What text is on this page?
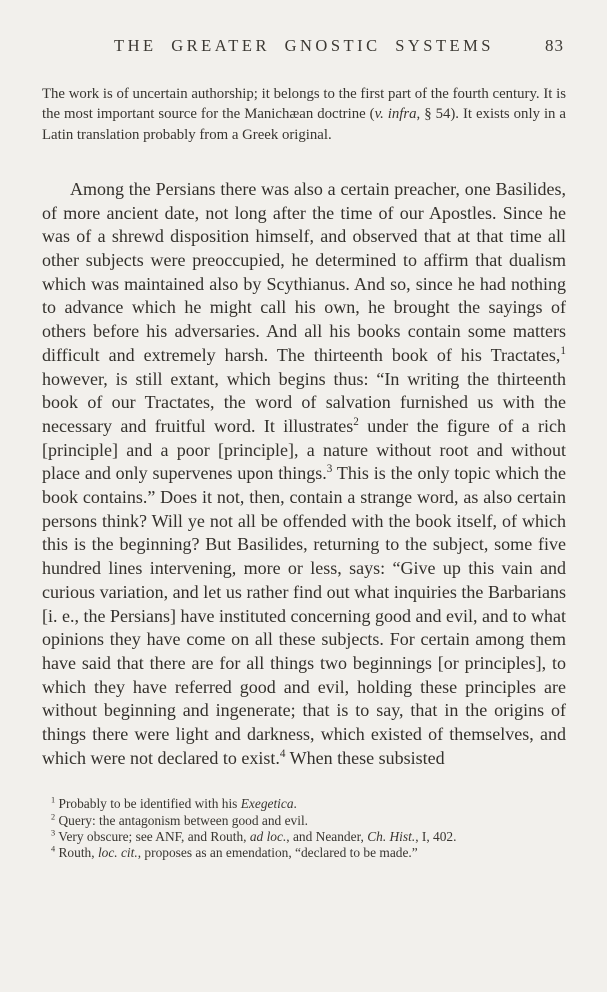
THE GREATER GNOSTIC SYSTEMS	83

The work is of uncertain authorship; it belongs to the first part of the fourth century. It is the most important source for the Manichæan doctrine (v. infra, § 54). It exists only in a Latin translation probably from a Greek original.

Among the Persians there was also a certain preacher, one Basilides, of more ancient date, not long after the time of our Apostles. Since he was of a shrewd disposition himself, and observed that at that time all other subjects were preoccupied, he determined to affirm that dualism which was maintained also by Scythianus. And so, since he had nothing to advance which he might call his own, he brought the sayings of others before his adversaries. And all his books contain some matters difficult and extremely harsh. The thirteenth book of his Tractates,$^1$ however, is still extant, which begins thus: “In writing the thirteenth book of our Tractates, the word of salvation furnished us with the necessary and fruitful word. It illustrates$^2$ under the figure of a rich [principle] and a poor [principle], a nature without root and without place and only supervenes upon things.$^3$ This is the only topic which the book contains.” Does it not, then, contain a strange word, as also certain persons think? Will ye not all be offended with the book itself, of which this is the beginning? But Basilides, returning to the subject, some five hundred lines intervening, more or less, says: “Give up this vain and curious variation, and let us rather find out what inquiries the Barbarians [i. e., the Persians] have instituted concerning good and evil, and to what opinions they have come on all these subjects. For certain among them have said that there are for all things two beginnings [or principles], to which they have referred good and evil, holding these principles are without beginning and ingenerate; that is to say, that in the origins of things there were light and darkness, which existed of themselves, and which were not declared to exist.$^4$ When these subsisted

$^1$ Probably to be identified with his Exegetica.

$^2$ Query: the antagonism between good and evil.

$^3$ Very obscure; see ANF, and Routh, ad loc., and Neander, Ch. Hist., I, 402.

$^4$ Routh, loc. cit., proposes as an emendation, “declared to be made.”
